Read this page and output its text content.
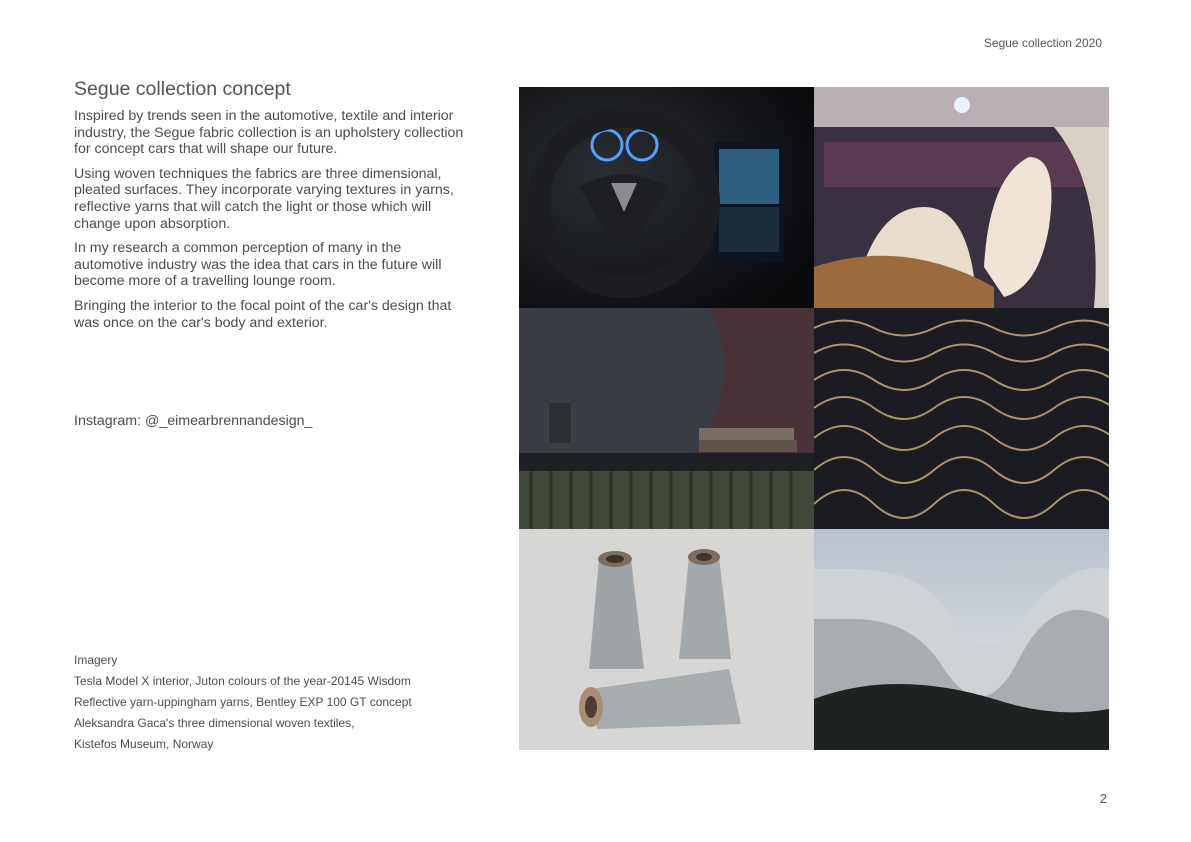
Segue collection 2020
Segue collection concept

Inspired by trends seen in the automotive, textile and interior industry, the Segue fabric collection is an upholstery collection for concept cars that will shape our future.

Using woven techniques the fabrics are three dimensional, pleated surfaces. They incorporate varying textures in yarns, reflective yarns that will catch the light or those which will change upon absorption.

In my research a common perception of many in the automotive industry was the idea that cars in the future will become more of a travelling lounge room.

Bringing the interior to the focal point of the car's design that was once on the car's body and exterior.

Instagram: @_eimearbrennandesign_
Imagery
Tesla Model X interior, Juton colours of the year-20145 Wisdom
Reflective yarn-uppingham yarns, Bentley EXP 100 GT concept
Aleksandra Gaca's three dimensional woven textiles,
Kistefos Museum, Norway
2
